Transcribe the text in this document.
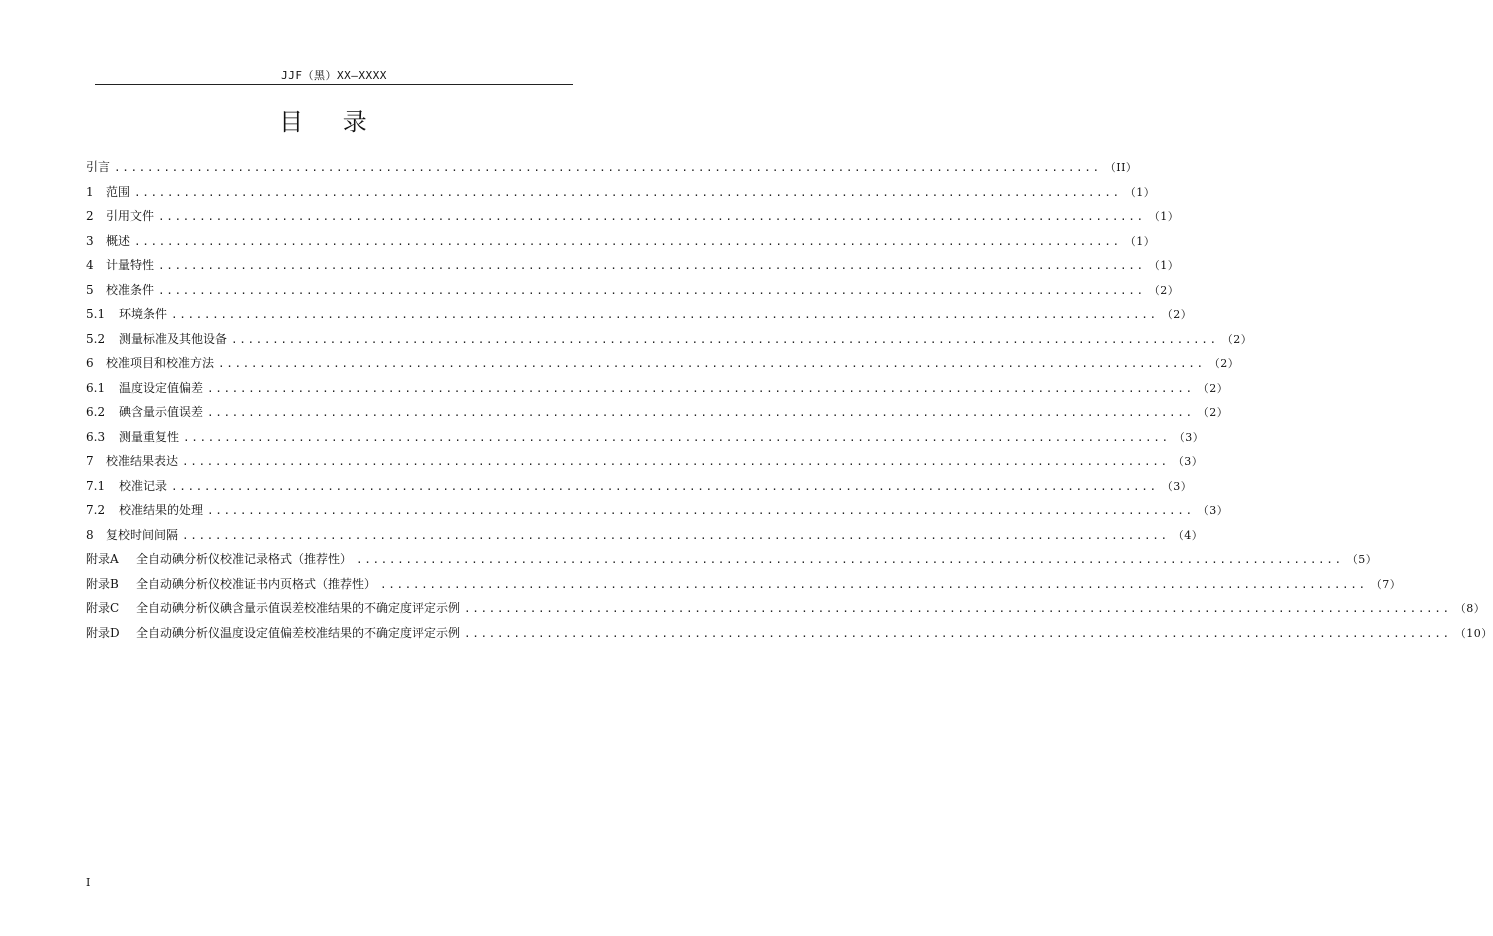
JJF（黑）XX—XXXX
目 录
引言 ........................................................................................................................ （II）
1	范围 ........................................................................................................................ （1）
2	引用文件 ........................................................................................................................ （1）
3	概述 ........................................................................................................................ （1）
4	计量特性 ........................................................................................................................ （1）
5	校准条件 ........................................................................................................................ （2）
5.1	环境条件 ........................................................................................................................ （2）
5.2	测量标准及其他设备 ........................................................................................................................ （2）
6	校准项目和校准方法 ........................................................................................................................ （2）
6.1	温度设定值偏差 ........................................................................................................................ （2）
6.2	碘含量示值误差 ........................................................................................................................ （2）
6.3	测量重复性 ........................................................................................................................ （3）
7	校准结果表达 ........................................................................................................................ （3）
7.1	校准记录 ........................................................................................................................ （3）
7.2	校准结果的处理 ........................................................................................................................ （3）
8	复校时间间隔 ........................................................................................................................ （4）
附录A	全自动碘分析仪校准记录格式（推荐性） ........................................................................................................................ （5）
附录B	全自动碘分析仪校准证书内页格式（推荐性） ........................................................................................................................ （7）
附录C	全自动碘分析仪碘含量示值误差校准结果的不确定度评定示例 ........................................................................................................................ （8）
附录D	全自动碘分析仪温度设定值偏差校准结果的不确定度评定示例 ........................................................................................................................ （10）
I
